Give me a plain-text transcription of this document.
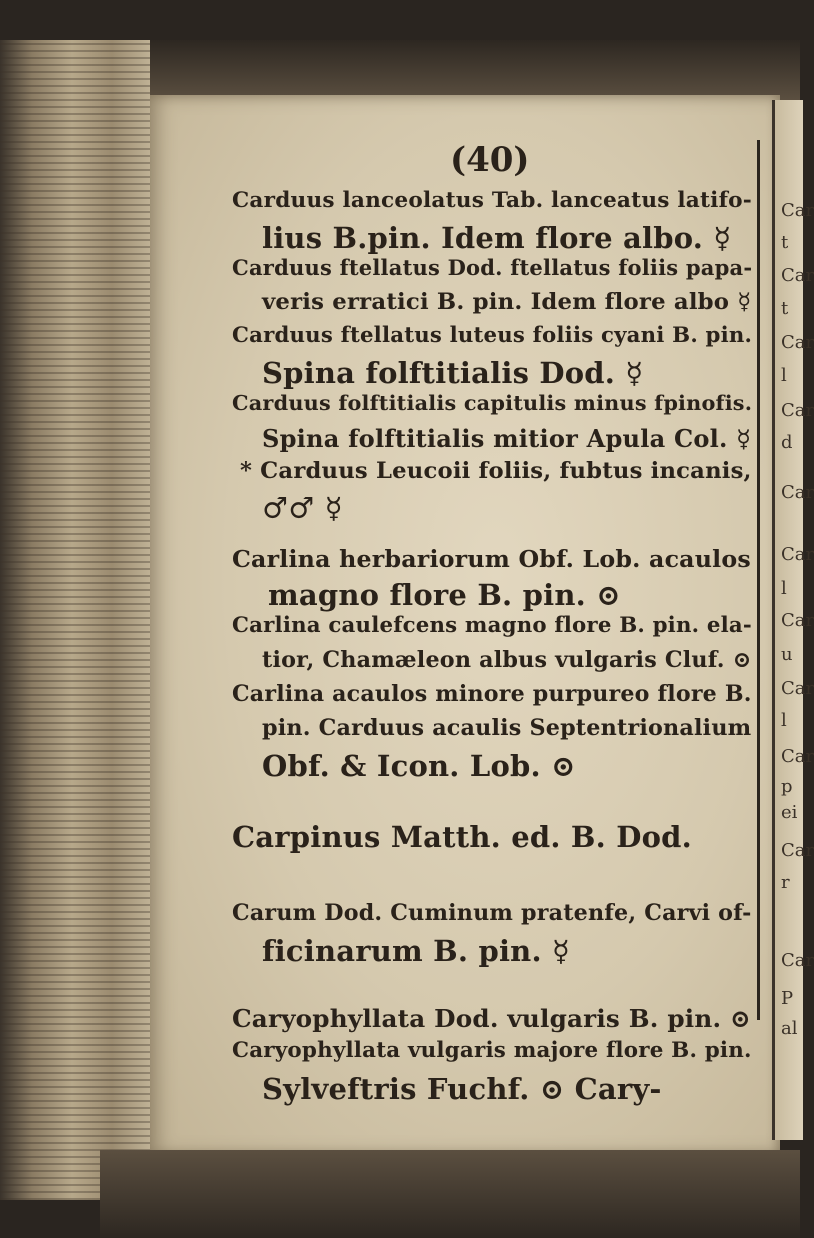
Car
t
Car
t
Car
l
Car
d
Car
Car
l
Car
u
Car
l
Car
p
ei
Car
r
Car
P
al
(40)
Carduus lanceolatus Tab. lanceatus latifo-
lius B.pin. Idem flore albo. ☿
Carduus ftellatus Dod. ftellatus foliis papa-
veris erratici B. pin. Idem flore albo ☿
Carduus ftellatus luteus foliis cyani B. pin.
Spina folftitialis Dod. ☿
Carduus folftitialis capitulis minus fpinofis.
Spina folftitialis mitior Apula Col. ☿
* Carduus Leucoii foliis, fubtus incanis,
♂♂ ☿
Carlina herbariorum Obf. Lob. acaulos
magno flore B. pin. ⊙
Carlina caulefcens magno flore B. pin. ela-
tior, Chamæleon albus vulgaris Cluf. ⊙
Carlina acaulos minore purpureo flore B.
pin. Carduus acaulis Septentrionalium
Obf. & Icon. Lob. ⊙
Carpinus Matth. ed. B. Dod.
Carum Dod. Cuminum pratenfe, Carvi of-
ficinarum B. pin. ☿
Caryophyllata Dod. vulgaris B. pin. ⊙
Caryophyllata vulgaris majore flore B. pin.
Sylveftris Fuchf. ⊙ Cary-
